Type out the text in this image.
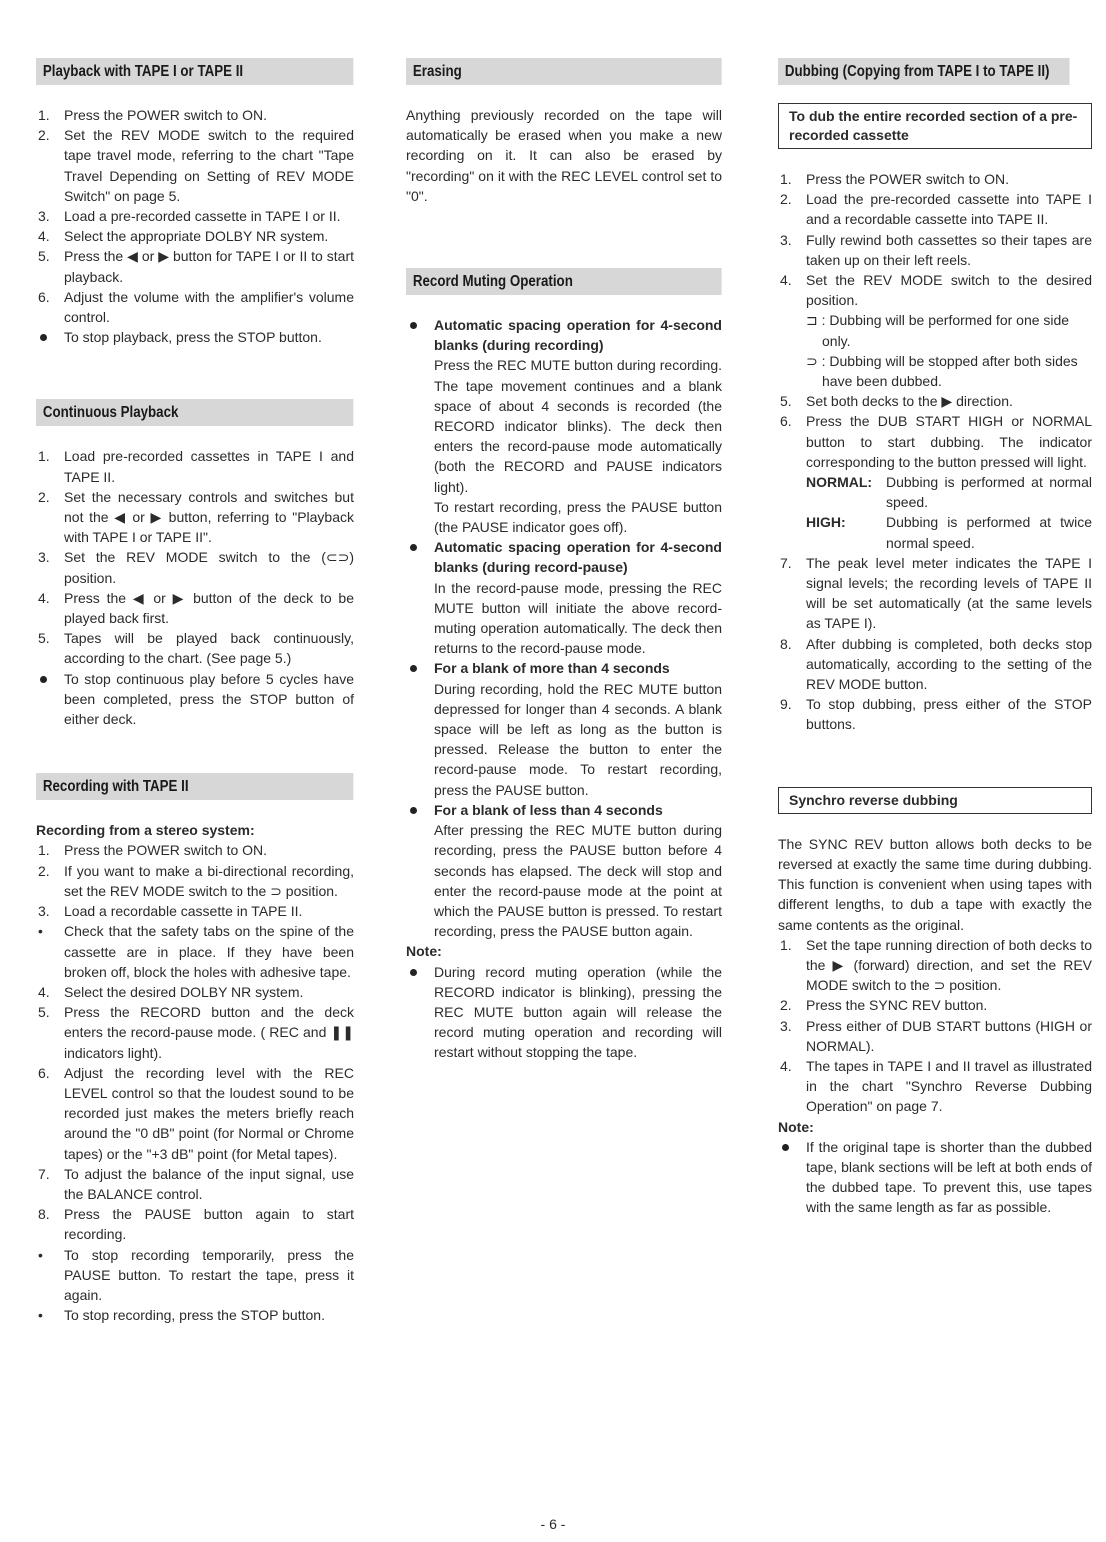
Playback with TAPE I or TAPE II
1. Press the POWER switch to ON.
2. Set the REV MODE switch to the required tape travel mode, referring to the chart "Tape Travel Depending on Setting of REV MODE Switch" on page 5.
3. Load a pre-recorded cassette in TAPE I or II.
4. Select the appropriate DOLBY NR system.
5. Press the ◀ or ▶ button for TAPE I or II to start playback.
6. Adjust the volume with the amplifier's volume control.
To stop playback, press the STOP button.
Continuous Playback
1. Load pre-recorded cassettes in TAPE I and TAPE II.
2. Set the necessary controls and switches but not the ◀ or ▶ button, referring to "Playback with TAPE I or TAPE II".
3. Set the REV MODE switch to the (⊂⊃) position.
4. Press the ◀ or ▶ button of the deck to be played back first.
5. Tapes will be played back continuously, according to the chart. (See page 5.)
To stop continuous play before 5 cycles have been completed, press the STOP button of either deck.
Recording with TAPE II
Recording from a stereo system:
1. Press the POWER switch to ON.
2. If you want to make a bi-directional recording, set the REV MODE switch to the ⊃ position.
3. Load a recordable cassette in TAPE II.
• Check that the safety tabs on the spine of the cassette are in place. If they have been broken off, block the holes with adhesive tape.
4. Select the desired DOLBY NR system.
5. Press the RECORD button and the deck enters the record-pause mode. ( REC and ❚❚ indicators light).
6. Adjust the recording level with the REC LEVEL control so that the loudest sound to be recorded just makes the meters briefly reach around the "0 dB" point (for Normal or Chrome tapes) or the "+3 dB" point (for Metal tapes).
7. To adjust the balance of the input signal, use the BALANCE control.
8. Press the PAUSE button again to start recording.
• To stop recording temporarily, press the PAUSE button. To restart the tape, press it again.
• To stop recording, press the STOP button.
Erasing

Anything previously recorded on the tape will automatically be erased when you make a new recording on it. It can also be erased by "recording" on it with the REC LEVEL control set to "0".

Record Muting Operation
Automatic spacing operation for 4-second blanks (during recording)
Press the REC MUTE button during recording. The tape movement continues and a blank space of about 4 seconds is recorded (the RECORD indicator blinks). The deck then enters the record-pause mode automatically (both the RECORD and PAUSE indicators light).
To restart recording, press the PAUSE button (the PAUSE indicator goes off).
Automatic spacing operation for 4-second blanks (during record-pause)
In the record-pause mode, pressing the REC MUTE button will initiate the above record-muting operation automatically. The deck then returns to the record-pause mode.
For a blank of more than 4 seconds
During recording, hold the REC MUTE button depressed for longer than 4 seconds. A blank space will be left as long as the button is pressed. Release the button to enter the record-pause mode. To restart recording, press the PAUSE button.
For a blank of less than 4 seconds
After pressing the REC MUTE button during recording, press the PAUSE button before 4 seconds has elapsed. The deck will stop and enter the record-pause mode at the point at which the PAUSE button is pressed. To restart recording, press the PAUSE button again.
Note:
During record muting operation (while the RECORD indicator is blinking), pressing the REC MUTE button again will release the record muting operation and recording will restart without stopping the tape.
Dubbing (Copying from TAPE I to TAPE II)
To dub the entire recorded section of a pre-recorded cassette
1. Press the POWER switch to ON.
2. Load the pre-recorded cassette into TAPE I and a recordable cassette into TAPE II.
3. Fully rewind both cassettes so their tapes are taken up on their left reels.
4. Set the REV MODE switch to the desired position.
⊐ : Dubbing will be performed for one side only.
⊃ : Dubbing will be stopped after both sides have been dubbed.
5. Set both decks to the ▶ direction.
6. Press the DUB START HIGH or NORMAL button to start dubbing. The indicator corresponding to the button pressed will light.
NORMAL: Dubbing is performed at normal speed.
HIGH:	Dubbing is performed at twice normal speed.
7. The peak level meter indicates the TAPE I signal levels; the recording levels of TAPE II will be set automatically (at the same levels as TAPE I).
8. After dubbing is completed, both decks stop automatically, according to the setting of the REV MODE button.
9. To stop dubbing, press either of the STOP buttons.
Synchro reverse dubbing

The SYNC REV button allows both decks to be reversed at exactly the same time during dubbing. This function is convenient when using tapes with different lengths, to dub a tape with exactly the same contents as the original.

1. Set the tape running direction of both decks to the ▶ (forward) direction, and set the REV MODE switch to the ⊃ position.
2. Press the SYNC REV button.
3. Press either of DUB START buttons (HIGH or NORMAL).
4. The tapes in TAPE I and II travel as illustrated in the chart "Synchro Reverse Dubbing Operation" on page 7.
Note:
If the original tape is shorter than the dubbed tape, blank sections will be left at both ends of the dubbed tape. To prevent this, use tapes with the same length as far as possible.
- 6 -
